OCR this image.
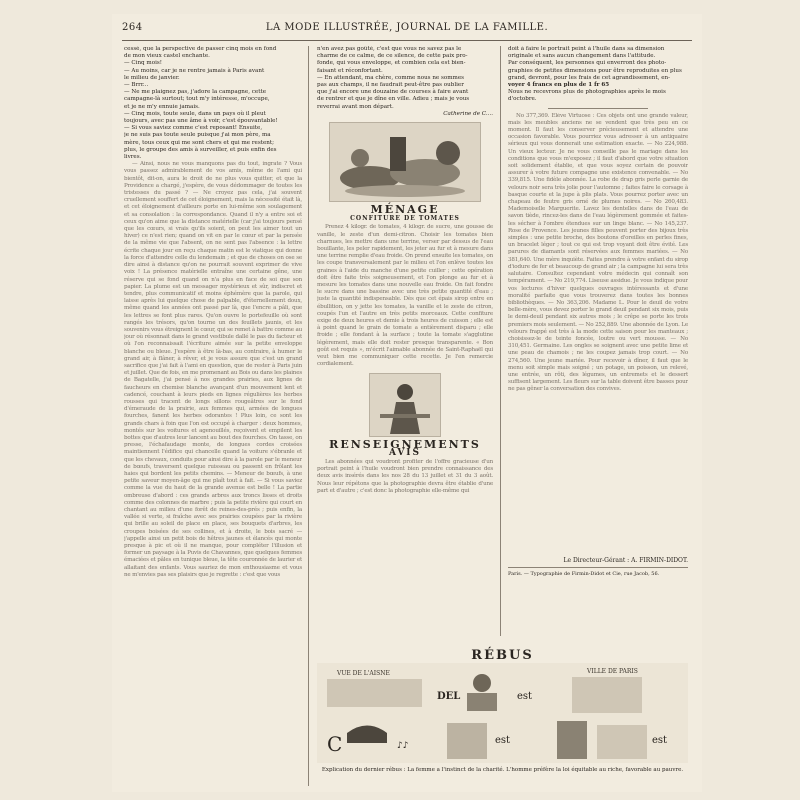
264	LA MODE ILLUSTRÉE, JOURNAL DE LA FAMILLE.
cessé, que la perspective de passer cinq mois en fond
de mon vieux castel enchante.
— Cinq mois!
— Au moins, car je ne rentre jamais à Paris avant
le milieu de janvier.
— Brrr...
— Ne me plaignez pas, j'adore la campagne, cette
campagne-là surtout; tout m'y intéresse, m'occupe,
et je ne m'y ennuie jamais.
— Cinq mois, toute seule, dans un pays où il pleut
toujours, avec pas une âme à voir, c'est épouvantable!
— Si vous saviez comme c'est reposant! Ensuite,
je ne suis pas toute seule puisque j'ai mon père, ma
mère, tous ceux qui me sont chers et qui me restent;
plus, le groupe des amis à surveiller, et puis enfin des
livres.

— Ainsi, nous ne vous manquons pas du tout, ingrate ? Vous vous passez admirablement de vos amis, même de l'ami qui bientôt, dit-on, aura le droit de ne plus vous quitter, et que la Providence a chargé, j'espère, de vous dédommager de toutes les tristesses du passé ? — Ne croyez pas cela, j'ai souvent cruellement souffert de cet éloignement, mais la nécessité était là, et cet éloignement d'ailleurs porte en lui-même son soulagement et sa consolation : la correspondance. Quand il n'y a entre soi et ceux qu'on aime que la distance matérielle (car j'ai toujours pensé que les cœurs, si vrais qu'ils soient, on peut les aimer tout un hiver) ce n'est rien; quand on vit en par le cœur et par la pensée de la même vie que l'absent, on ne sent pas l'absence : la lettre écrite chaque jour en reçu chaque matin est le viatique qui donne la force d'attendre celle du lendemain ; et que de choses on ose se dire ainsi à distance qu'on ne pourrait souvent exprimer de vive voix ! La présence matérielle entraîne une certaine gêne, une réserve qui se fond quand on n'a plus en face de soi que son papier. La plume est un messager mystérieux et sûr, indiscret et tendre, plus communicatif et moins éphémère que la parole, qui laisse après lui quelque chose de palpable, d'éternellement doux, même quand les années ont passé par là, que l'encre a pâli, que les lettres se font plus rares. Qu'on ouvre le portefeuille où sont rangés les trésors, qu'on tourne un des feuillets jaunis, et les souvenirs vous étreignent le cœur, qui se remet à battre comme au jour où résonnait dans le grand vestibule dallé le pas du facteur et où l'on reconnaissait l'écriture aimée sur la petite enveloppe blanche ou bleue. J'espère à être là-bas, au contraire, à humer le grand air, à flâner, à rêver, et je vous assure que c'est un grand sacrifice que j'ai fait à l'ami en question, que de rester à Paris juin et juillet. Que de fois, en me promenant au Bois ou dans les plaines de Bagatelle, j'ai pensé à nos grandes prairies, aux lignes de faucheurs en chemise blanche avançant d'un mouvement lent et cadencé, couchant à leurs pieds en lignes régulières les herbes rousses qui tracent de longs sillons rougeâtres sur le fond d'émeraude de la prairie, aux femmes qui, armées de longues fourches, fanent les herbes odorantes ! Plus loin, ce sont les grands chars à foin que l'on est occupé à charger : deux hommes, montés sur les voitures et agenouillés, reçoivent et empilent les bottes que d'autres leur lancent au bout des fourches. On tasse, on presse, l'échafaudage monte, de longues cordes croisées maintiennent l'édifice qui chancelle quand la voiture s'ébranle et que les chevaux, conduits pour ainsi dire à la parole par le meneur de bœufs, traversent quelque ruisseau ou passent en frôlant les haies qui bordent les petits chemins. — Meneur de bœufs, à une petite saveur moyen-âge qui me plaît tout à fait. — Si vous saviez comme la vue du haut de la grande avenue est belle ! La partie ombreuse d'abord : ces grands arbres aux troncs lisses et droits comme des colonnes de marbre ; puis la petite rivière qui court en chantant au milieu d'une forêt de reines-des-prés ; puis enfin, la vallée si verte, si fraîche avec ses prairies coupées par la rivière qui brille au soleil de place en place, ses bouquets d'arbres, les croupes boisées de ses collines, et à droite, le bois sacré — j'appelle ainsi un petit bois de hêtres jaunes et élancés qui monte presque à pic et où il ne manque, pour compléter l'illusion et former un paysage à la Puvis de Chavannes, que quelques femmes émaciées et pâles en tunique bleue, la tête couronnée de laurier et allaitant des enfants. Vous sauriez de mon enthousiasme et vous ne m'envies pas ses plaisirs que je regrette : c'est que vous

n'en avez pas goûté, c'est que vous ne savez pas le
charme de ce calme, de ce silence, de cette paix pro-
fonde, qui vous enveloppe, et combien cela est bien-
faisant et réconfortant.
— En attendant, ma chère, comme nous ne sommes
pas aux champs, il ne faudrait peut-être pas oublier
que j'ai encore une douzaine de courses à faire avant
de rentrer et que je dîne en ville. Adieu ; mais je vous
reverrai avant mon départ.
Catherine de C....
MÉNAGE
CONFITURE DE TOMATES

Prenez 4 kilogr. de tomates, 4 kilogr. de sucre, une gousse de vanille, le zeste d'un demi-citron. Choisir les tomates bien charnues, les mettre dans une terrine, verser par dessus de l'eau bouillante, les peler rapidement, les jeter au fur et à mesure dans une terrine remplie d'eau froide. On prend ensuite les tomates, on les coupe transversalement par le milieu et l'on enlève toutes les graines à l'aide du manche d'une petite cuiller ; cette opération doit être faite très soigneusement, et l'on plonge au fur et à mesure les tomates dans une nouvelle eau froide. On fait fondre le sucre dans une bassine avec une très petite quantité d'eau ; juste la quantité indispensable. Dès que cet épais sirop entre en ébullition, on y jette les tomates, la vanille et le zeste de citron, coupés l'un et l'autre en très petits morceaux. Cette confiture exige de deux heures et demie à trois heures de cuisson ; elle est à point quand le grain de tomate a entièrement disparu ; elle froide ; elle fondant à la surface ; toute la tomate s'agglutine légèrement, mais elle doit rester presque transparente. « Bon goût est requis », m'écrit l'aimable abonnée de Saint-Raphaël qui veut bien me communiquer cette recette. Je l'en remercie cordialement.

RENSEIGNEMENTS
AVIS

Les abonnées qui voudront profiter de l'offre gracieuse d'un portrait peint à l'huile voudront bien prendre connaissance des deux avis insérés dans les nos 28 du 13 juillet et 31 du 3 août. Nous leur répétons que la photographie devra être établie d'une part et d'autre ; c'est donc la photographie elle-même qui

doit à faire le portrait peint à l'huile dans sa dimension
originale et sans aucun changement dans l'attitude.
Par conséquent, les personnes qui enverront des photo-
graphies de petites dimensions pour être reproduites en plus
grand, devront, pour les frais de cet agrandissement, en-
voyer 4 francs en plus de 1 fr 65
Nous ne recevrons plus de photographies après le mois
d'octobre.

No 377,369. Elève Virtuose : Ces objets ont une grande valeur, mais les meubles anciens ne se vendent que très peu en ce moment. Il faut les conserver précieusement et attendre une occasion favorable. Vous pourriez vous adresser à un antiquaire sérieux qui vous donnerait une estimation exacte. — No 224,988. Un vieux lecteur. Je ne vous conseille pas le mariage dans les conditions que vous m'exposez ; il faut d'abord que votre situation soit solidement établie, et que vous soyez certain de pouvoir assurer à votre future compagne une existence convenable. — No 339,815. Une fidèle abonnée. La robe de drap gris perle garnie de velours noir sera très jolie pour l'automne ; faites faire le corsage à basque courte et la jupe à plis plats. Vous pourrez porter avec un chapeau de feutre gris orné de plumes noires. — No 260,483. Mademoiselle Marguerite. Lavez les dentelles dans de l'eau de savon tiède, rincez-les dans de l'eau légèrement gommée et faites-les sécher à l'ombre étendues sur un linge blanc. — No 145,237. Rose de Provence. Les jeunes filles peuvent porter des bijoux très simples : une petite broche, des boutons d'oreilles en perles fines, un bracelet léger ; tout ce qui est trop voyant doit être évité. Les parures de diamants sont réservées aux femmes mariées. — No 381,640. Une mère inquiète. Faites prendre à votre enfant du sirop d'iodure de fer et beaucoup de grand air ; la campagne lui sera très salutaire. Consultez cependant votre médecin qui connaît son tempérament. — No 219,774. Liseuse assidue. Je vous indique pour vos lectures d'hiver quelques ouvrages intéressants et d'une moralité parfaite que vous trouverez dans toutes les bonnes bibliothèques. — No 363,206. Madame L. Pour le deuil de votre belle-mère, vous devez porter le grand deuil pendant six mois, puis le demi-deuil pendant six autres mois ; le crêpe se porte les trois premiers mois seulement. — No 252,889. Une abonnée de Lyon. Le velours frappé est très à la mode cette saison pour les manteaux ; choisissez-le de teinte foncée, loutre ou vert mousse. — No 310,451. Germaine. Les ongles se soignent avec une petite lime et une peau de chamois ; ne les coupez jamais trop court. — No 274,560. Une jeune mariée. Pour recevoir à dîner, il faut que le menu soit simple mais soigné ; un potage, un poisson, un relevé, une entrée, un rôti, des légumes, un entremets et le dessert suffisent largement. Les fleurs sur la table doivent être basses pour ne pas gêner la conversation des convives.

Le Directeur-Gérant : A. FIRMIN-DIDOT.
Paris. — Typographie de Firmin-Didot et Cie, rue Jacob, 56.
RÉBUS
VUE DE L'AISNE
DEL	est
VILLE DE PARIS
C	♪♪	est	est
Explication du dernier rébus : La femme a l'instinct de la charité. L'homme préfère la loi équitable au riche, favorable au pauvre.
